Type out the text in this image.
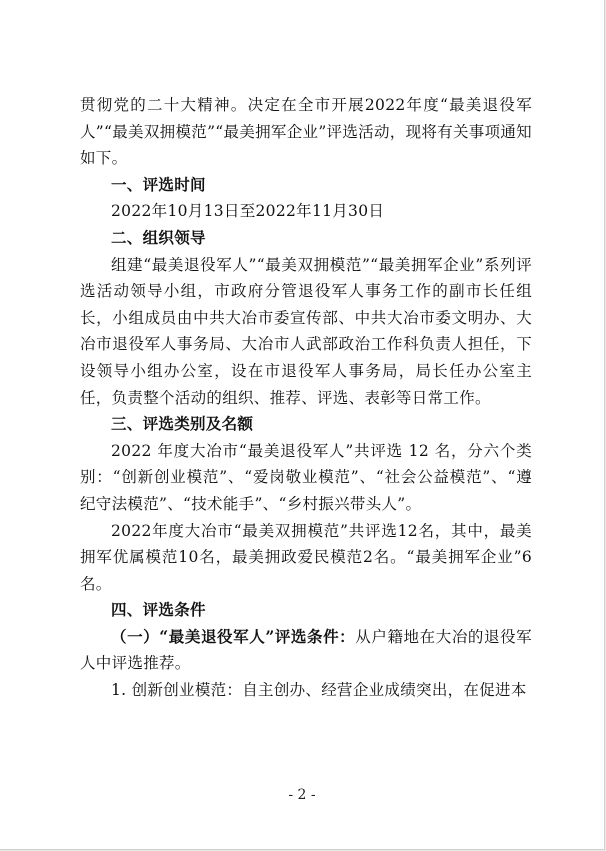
贯彻党的二十大精神。决定在全市开展2022年度“最美退役军人”“最美双拥模范”“最美拥军企业”评选活动，现将有关事项通知如下。

一、评选时间

2022年10月13日至2022年11月30日

二、组织领导

组建“最美退役军人”“最美双拥模范”“最美拥军企业”系列评选活动领导小组，市政府分管退役军人事务工作的副市长任组长，小组成员由中共大冶市委宣传部、中共大冶市委文明办、大冶市退役军人事务局、大冶市人武部政治工作科负责人担任，下设领导小组办公室，设在市退役军人事务局，局长任办公室主任，负责整个活动的组织、推荐、评选、表彰等日常工作。

三、评选类别及名额

2022 年度大冶市“最美退役军人”共评选 12 名，分六个类别：“创新创业模范”、“爱岗敬业模范”、“社会公益模范”、“遵纪守法模范”、“技术能手”、“乡村振兴带头人”。

2022年度大冶市“最美双拥模范”共评选12名，其中，最美拥军优属模范10名，最美拥政爱民模范2名。“最美拥军企业”6名。

四、评选条件

（一）“最美退役军人”评选条件：从户籍地在大冶的退役军人中评选推荐。

1. 创新创业模范：自主创办、经营企业成绩突出，在促进本

- 2 -
